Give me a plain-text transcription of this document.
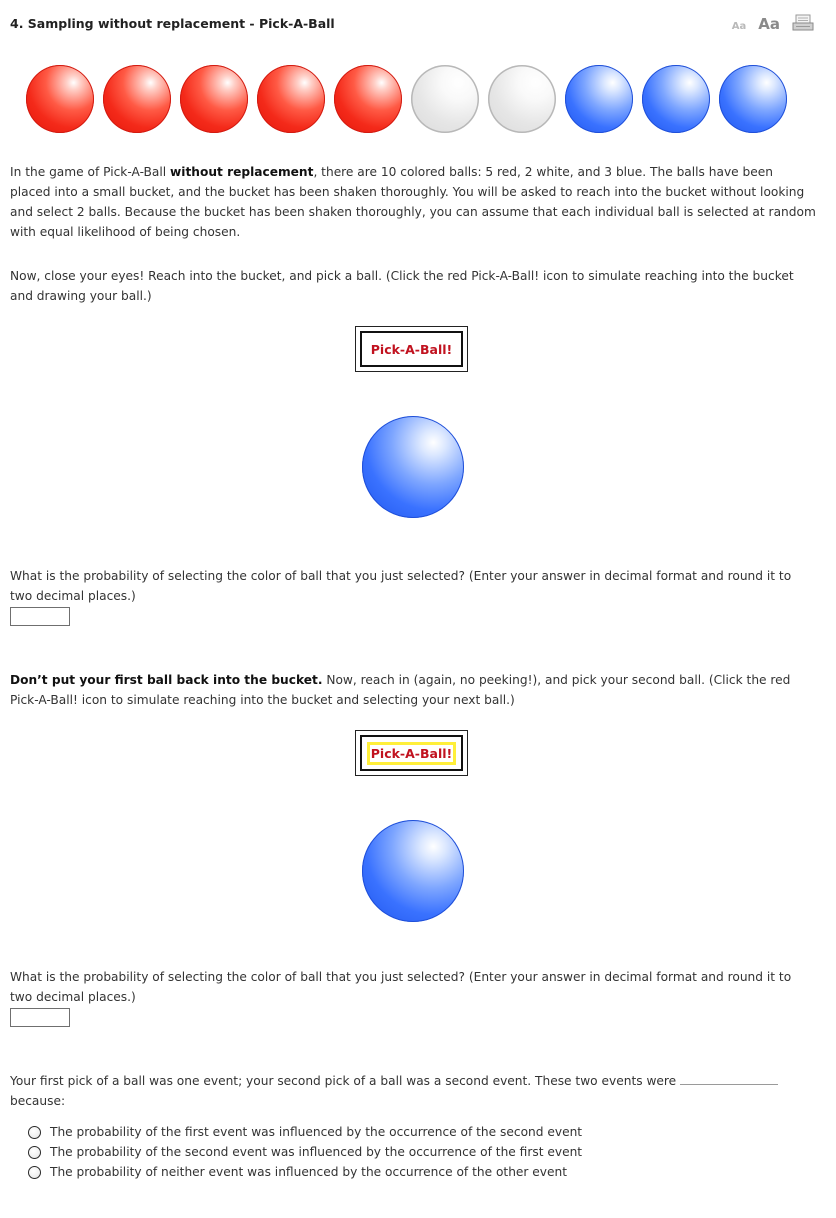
4. Sampling without replacement - Pick-A-Ball	Aa Aa
In the game of Pick-A-Ball without replacement, there are 10 colored balls: 5 red, 2 white, and 3 blue. The balls have been placed into a small bucket, and the bucket has been shaken thoroughly. You will be asked to reach into the bucket without looking and select 2 balls. Because the bucket has been shaken thoroughly, you can assume that each individual ball is selected at random with equal likelihood of being chosen.
Now, close your eyes! Reach into the bucket, and pick a ball. (Click the red Pick-A-Ball! icon to simulate reaching into the bucket and drawing your ball.)
Pick-A-Ball!
What is the probability of selecting the color of ball that you just selected? (Enter your answer in decimal format and round it to two decimal places.)
Don’t put your first ball back into the bucket. Now, reach in (again, no peeking!), and pick your second ball. (Click the red Pick-A-Ball! icon to simulate reaching into the bucket and selecting your next ball.)
Pick-A-Ball!
What is the probability of selecting the color of ball that you just selected? (Enter your answer in decimal format and round it to two decimal places.)
Your first pick of a ball was one event; your second pick of a ball was a second event. These two events were
because:
The probability of the first event was influenced by the occurrence of the second event
The probability of the second event was influenced by the occurrence of the first event
The probability of neither event was influenced by the occurrence of the other event
